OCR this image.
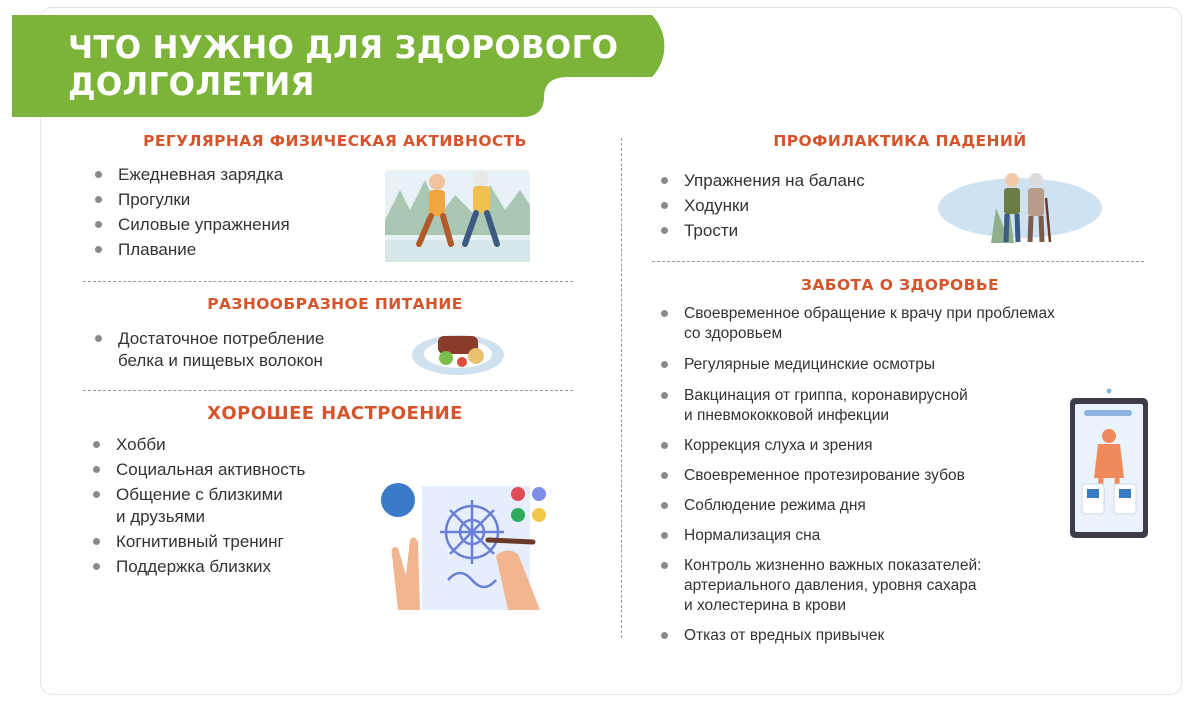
ЧТО НУЖНО ДЛЯ ЗДОРОВОГО
ДОЛГОЛЕТИЯ
РЕГУЛЯРНАЯ ФИЗИЧЕСКАЯ АКТИВНОСТЬ
Ежедневная зарядка
Прогулки
Силовые упражнения
Плавание
РАЗНООБРАЗНОЕ ПИТАНИЕ
Достаточное потребление
белка и пищевых волокон
ХОРОШЕЕ НАСТРОЕНИЕ
Хобби
Социальная активность
Общение с близкими
и друзьями
Когнитивный тренинг
Поддержка близких
ПРОФИЛАКТИКА ПАДЕНИЙ
Упражнения на баланс
Ходунки
Трости
ЗАБОТА О ЗДОРОВЬЕ
Своевременное обращение к врачу при проблемах
со здоровьем
Регулярные медицинские осмотры
Вакцинация от гриппа, коронавирусной
и пневмококковой инфекции
Коррекция слуха и зрения
Своевременное протезирование зубов
Соблюдение режима дня
Нормализация сна
Контроль жизненно важных показателей:
артериального давления, уровня сахара
и холестерина в крови
Отказ от вредных привычек
